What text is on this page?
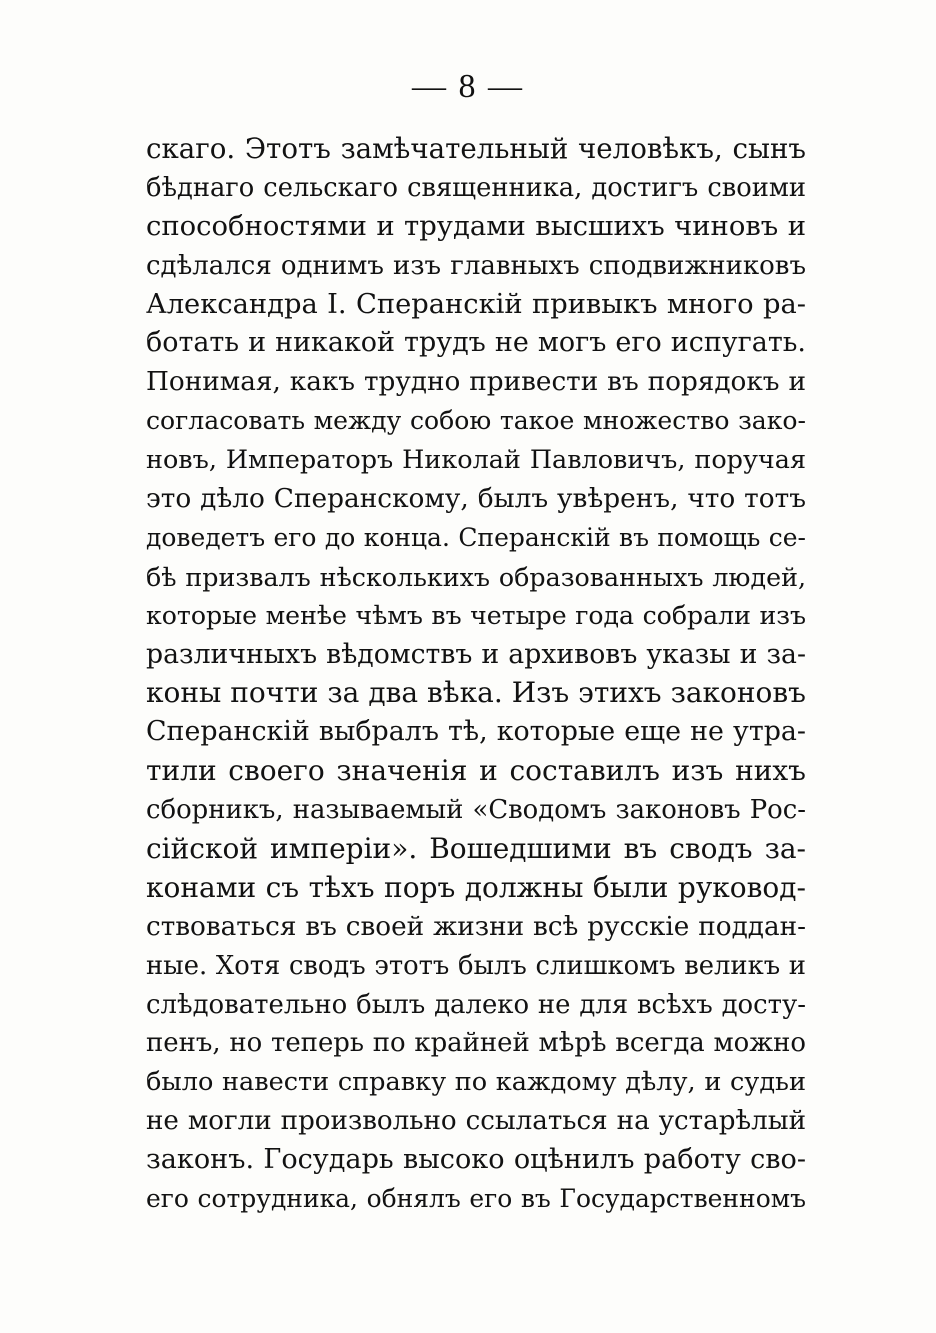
— 8 —
скаго. Этотъ замѣчательный человѣкъ, сынъ
бѣднаго сельскаго священника, достигъ своими
способностями и трудами высшихъ чиновъ и
сдѣлался однимъ изъ главныхъ сподвижниковъ
Александра I. Сперанскій привыкъ много ра-
ботать и никакой трудъ не могъ его испугать.
Понимая, какъ трудно привести въ порядокъ и
согласовать между собою такое множество зако-
новъ, Императоръ Николай Павловичъ, поручая
это дѣло Сперанскому, былъ увѣренъ, что тотъ
доведетъ его до конца. Сперанскій въ помощь се-
бѣ призвалъ нѣсколькихъ образованныхъ людей,
которые менѣе чѣмъ въ четыре года собрали изъ
различныхъ вѣдомствъ и архивовъ указы и за-
коны почти за два вѣка. Изъ этихъ законовъ
Сперанскій выбралъ тѣ, которые еще не утра-
тили своего значенія и составилъ изъ нихъ
сборникъ, называемый «Сводомъ законовъ Рос-
сійской имперіи». Вошедшими въ сводъ за-
конами съ тѣхъ поръ должны были руковод-
ствоваться въ своей жизни всѣ русскіе поддан-
ные. Хотя сводъ этотъ былъ слишкомъ великъ и
слѣдовательно былъ далеко не для всѣхъ досту-
пенъ, но теперь по крайней мѣрѣ всегда можно
было навести справку по каждому дѣлу, и судьи
не могли произвольно ссылаться на устарѣлый
законъ. Государь высоко оцѣнилъ работу сво-
его сотрудника, обнялъ его въ Государственномъ
